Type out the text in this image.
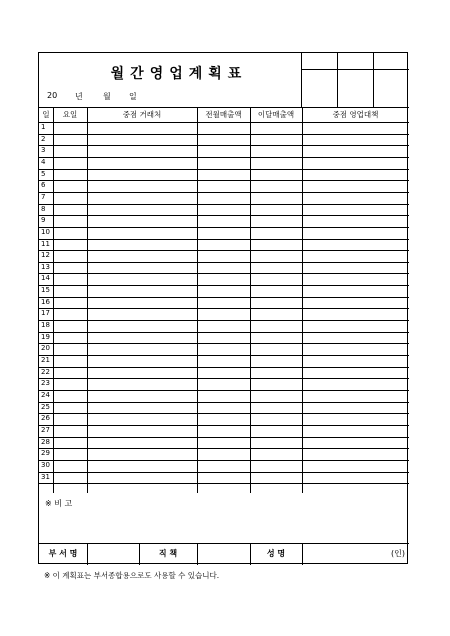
월간영업계획표
20 년	월 일
일	요일	중점 거래처	전월매출액	이달매출액	중점 영업대책
1
2
3
4
5
6
7
8
9
10
11
12
13
14
15
16
17
18
19
20
21
22
23
24
25
26
27
28
29
30
31
※ 비 고
부 서 명	직 책	성 명	(인)
※ 이 계획표는 부서종합용으로도 사용할 수 있습니다.
